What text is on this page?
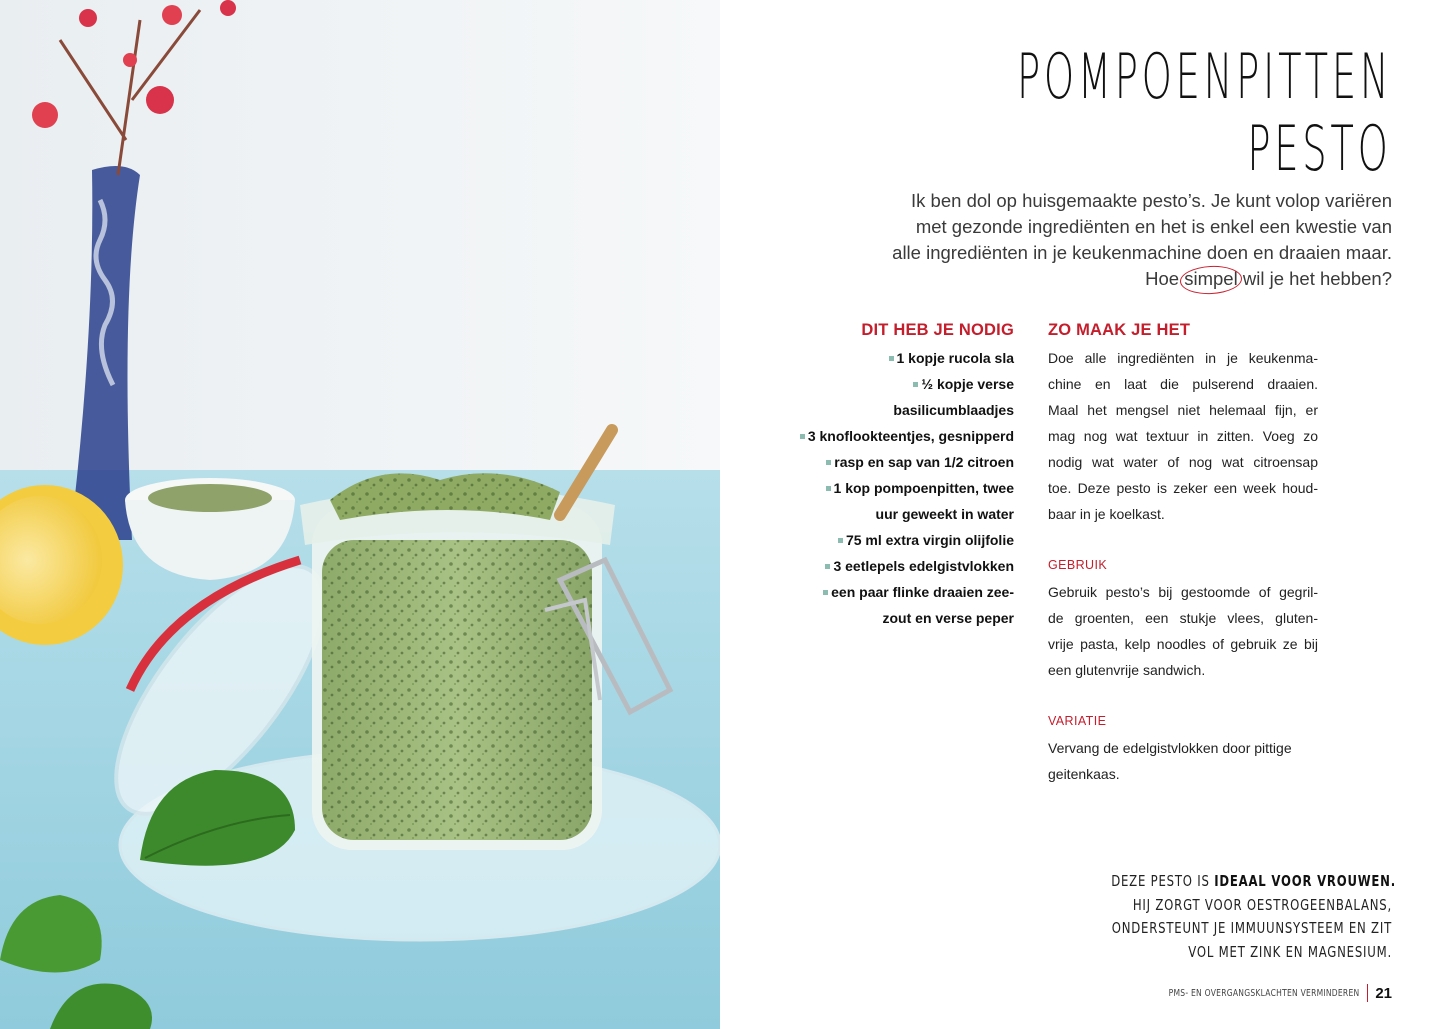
POMPOENPITTEN
PESTO
Ik ben dol op huisgemaakte pesto’s. Je kunt volop variëren
met gezonde ingrediënten en het is enkel een kwestie van
alle ingrediënten in je keukenmachine doen en draaien maar.
Hoe simpel wil je het hebben?
DIT HEB JE NODIG
1 kopje rucola sla
½ kopje verse
basilicumblaadjes
3 knoflookteentjes, gesnipperd
rasp en sap van 1/2 citroen
1 kop pompoenpitten, twee
uur geweekt in water
75 ml extra virgin olijfolie
3 eetlepels edelgistvlokken
een paar flinke draaien zee-
zout en verse peper
ZO MAAK JE HET
Doe alle ingrediënten in je keukenma-
chine en laat die pulserend draaien.
Maal het mengsel niet helemaal fijn, er
mag nog wat textuur in zitten. Voeg zo
nodig wat water of nog wat citroensap
toe. Deze pesto is zeker een week houd-
baar in je koelkast.
GEBRUIK
Gebruik pesto’s bij gestoomde of gegril-
de groenten, een stukje vlees, gluten-
vrije pasta, kelp noodles of gebruik ze bij
een glutenvrije sandwich.
VARIATIE
Vervang de edelgistvlokken door pittige
geitenkaas.
DEZE PESTO IS IDEAAL VOOR VROUWEN.
HIJ ZORGT VOOR OESTROGEENBALANS,
ONDERSTEUNT JE IMMUUNSYSTEEM EN ZIT
VOL MET ZINK EN MAGNESIUM.
PMS- EN OVERGANGSKLACHTEN VERMINDEREN 21
